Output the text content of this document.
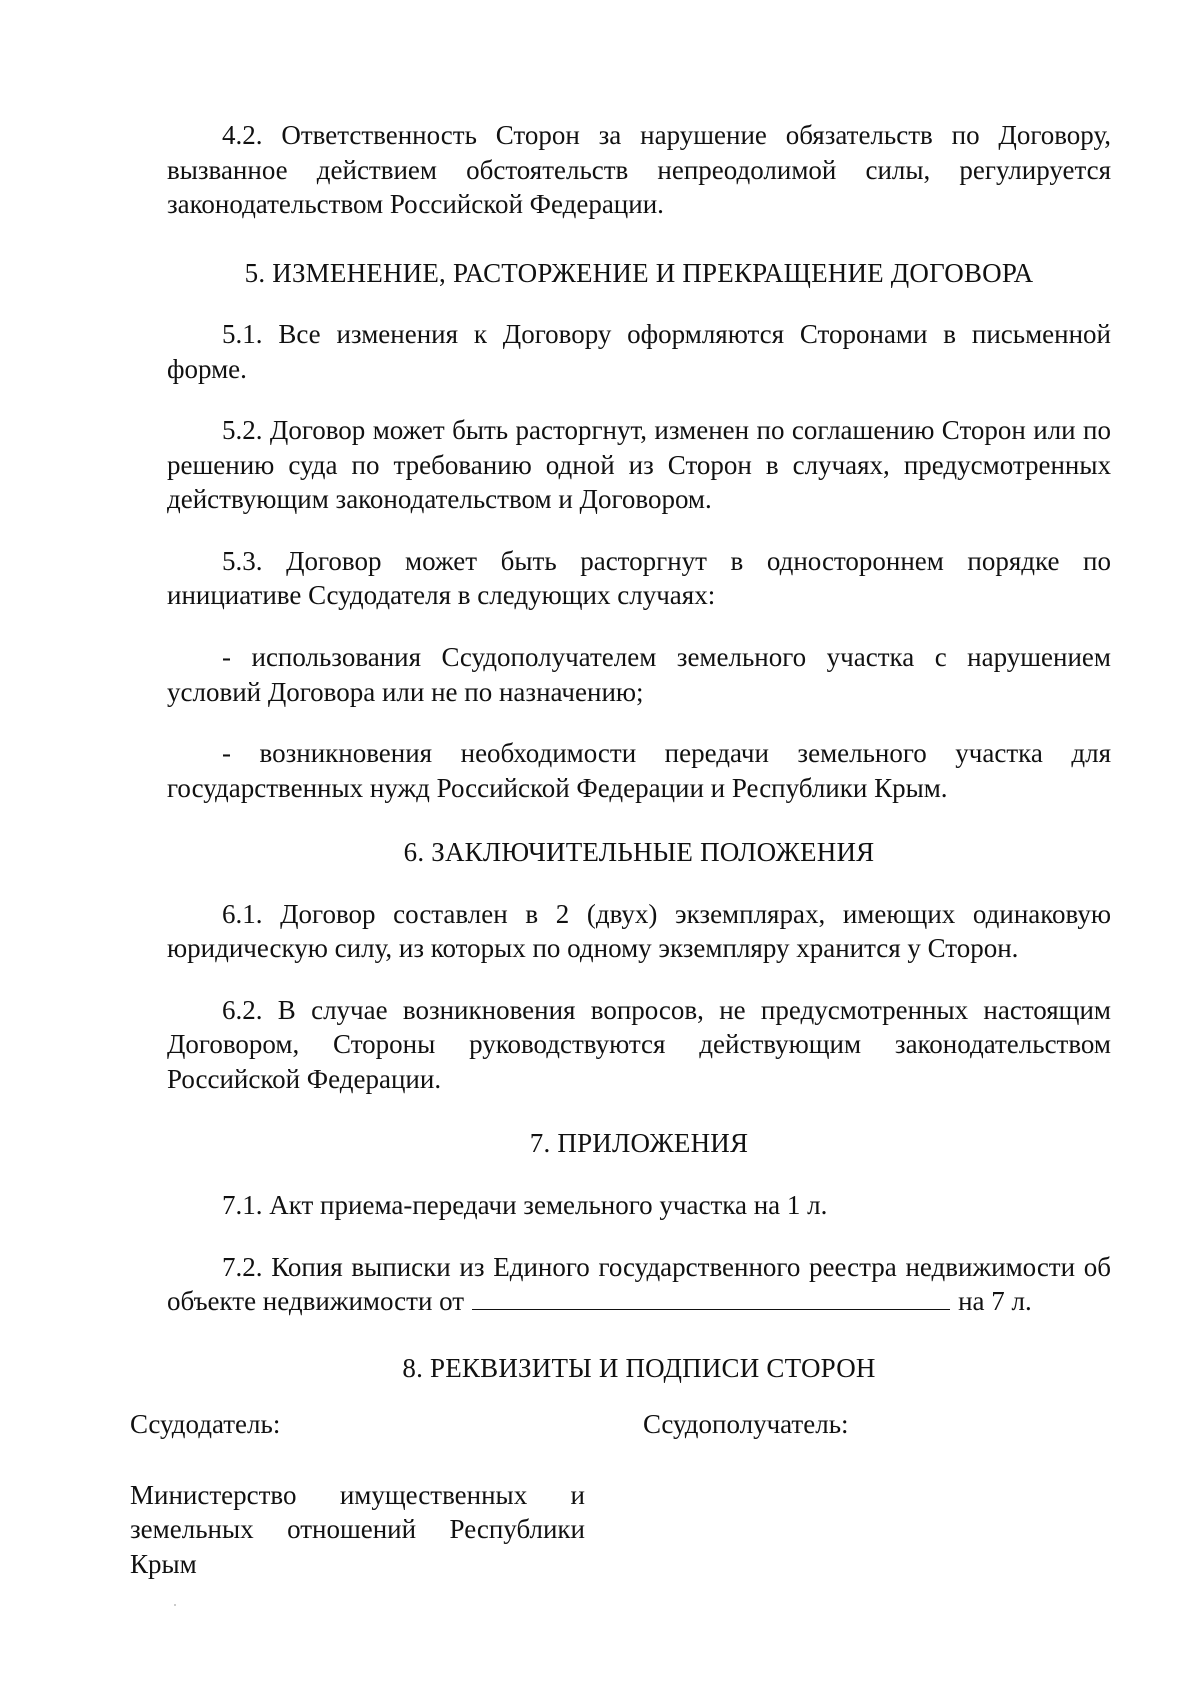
4.2. Ответственность Сторон за нарушение обязательств по Договору, вызванное действием обстоятельств непреодолимой силы, регулируется законодательством Российской Федерации.

5. ИЗМЕНЕНИЕ, РАСТОРЖЕНИЕ И ПРЕКРАЩЕНИЕ ДОГОВОРА

5.1. Все изменения к Договору оформляются Сторонами в письменной форме.

5.2. Договор может быть расторгнут, изменен по соглашению Сторон или по решению суда по требованию одной из Сторон в случаях, предусмотренных действующим законодательством и Договором.

5.3. Договор может быть расторгнут в одностороннем порядке по инициативе Ссудодателя в следующих случаях:

- использования Ссудополучателем земельного участка с нарушением условий Договора или не по назначению;

- возникновения необходимости передачи земельного участка для государственных нужд Российской Федерации и Республики Крым.

6. ЗАКЛЮЧИТЕЛЬНЫЕ ПОЛОЖЕНИЯ

6.1. Договор составлен в 2 (двух) экземплярах, имеющих одинаковую юридическую силу, из которых по одному экземпляру хранится у Сторон.

6.2. В случае возникновения вопросов, не предусмотренных настоящим Договором, Стороны руководствуются действующим законодательством Российской Федерации.

7. ПРИЛОЖЕНИЯ

7.1. Акт приема-передачи земельного участка на 1 л.

7.2. Копия выписки из Единого государственного реестра недвижимости об объекте недвижимости от	на 7 л.

8. РЕКВИЗИТЫ И ПОДПИСИ СТОРОН

Ссудодатель:

Министерство имущественных и земельных отношений Республики Крым

Ссудополучатель:
